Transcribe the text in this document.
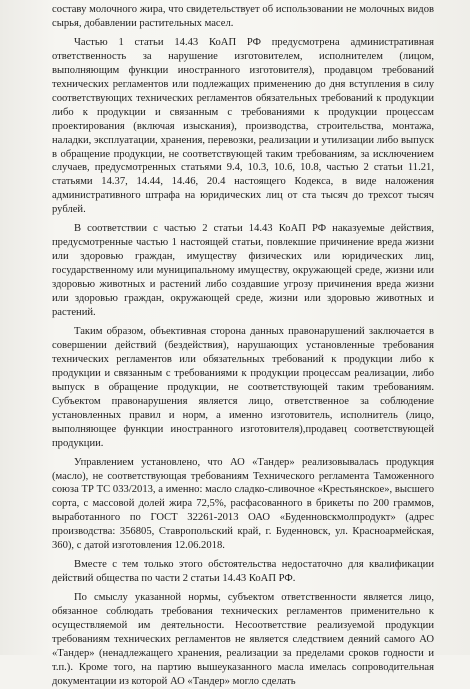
составу молочного жира, что свидетельствует об использовании не молочных видов сырья, добавлении растительных масел.

Частью 1 статьи 14.43 КоАП РФ предусмотрена административная ответственность за нарушение изготовителем, исполнителем (лицом, выполняющим функции иностранного изготовителя), продавцом требований технических регламентов или подлежащих применению до дня вступления в силу соответствующих технических регламентов обязательных требований к продукции либо к продукции и связанным с требованиями к продукции процессам проектирования (включая изыскания), производства, строительства, монтажа, наладки, эксплуатации, хранения, перевозки, реализации и утилизации либо выпуск в обращение продукции, не соответствующей таким требованиям, за исключением случаев, предусмотренных статьями 9.4, 10.3, 10.6, 10.8, частью 2 статьи 11.21, статьями 14.37, 14.44, 14.46, 20.4 настоящего Кодекса, в виде наложения административного штрафа на юридических лиц от ста тысяч до трехсот тысяч рублей.

В соответствии с частью 2 статьи 14.43 КоАП РФ наказуемые действия, предусмотренные частью 1 настоящей статьи, повлекшие причинение вреда жизни или здоровью граждан, имуществу физических или юридических лиц, государственному или муниципальному имуществу, окружающей среде, жизни или здоровью животных и растений либо создавшие угрозу причинения вреда жизни или здоровью граждан, окружающей среде, жизни или здоровью животных и растений.

Таким образом, объективная сторона данных правонарушений заключается в совершении действий (бездействия), нарушающих установленные требования технических регламентов или обязательных требований к продукции либо к продукции и связанным с требованиями к продукции процессам реализации, либо выпуск в обращение продукции, не соответствующей таким требованиям. Субъектом правонарушения является лицо, ответственное за соблюдение установленных правил и норм, а именно изготовитель, исполнитель (лицо, выполняющее функции иностранного изготовителя),продавец соответствующей продукции.

Управлением установлено, что АО «Тандер» реализовывалась продукция (масло), не соответствующая требованиям Технического регламента Таможенного союза ТР ТС 033/2013, а именно: масло сладко-сливочное «Крестьянское», высшего сорта, с массовой долей жира 72,5%, расфасованного в брикеты по 200 граммов, выработанного по ГОСТ 32261-2013 ОАО «Буденновскмолпродукт» (адрес производства: 356805, Ставропольский край, г. Буденновск, ул. Красноармейская, 360), с датой изготовления 12.06.2018.

Вместе с тем только этого обстоятельства недостаточно для квалификации действий общества по части 2 статьи 14.43 КоАП РФ.

По смыслу указанной нормы, субъектом ответственности является лицо, обязанное соблюдать требования технических регламентов применительно к осуществляемой им деятельности. Несоответствие реализуемой продукции требованиям технических регламентов не является следствием деяний самого АО «Тандер» (ненадлежащего хранения, реализации за пределами сроков годности и т.п.). Кроме того, на партию вышеуказанного масла имелась сопроводительная документации из которой АО «Тандер» могло сделать
